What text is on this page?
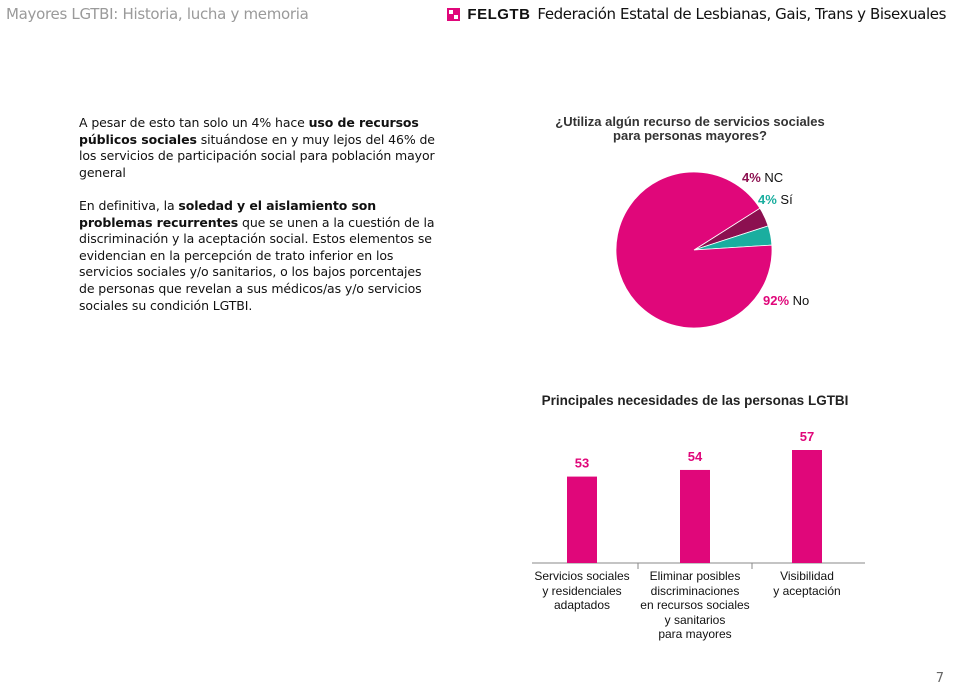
Mayores LGTBI: Historia, lucha y memoria	FELGTB Federación Estatal de Lesbianas, Gais, Trans y Bisexuales

A pesar de esto tan solo un 4% hace uso de recursos públicos sociales situándose en y muy lejos del 46% de los servicios de participación social para población mayor general

En definitiva, la soledad y el aislamiento son problemas recurrentes que se unen a la cuestión de la discriminación y la aceptación social. Estos elementos se evidencian en la percepción de trato inferior en los servicios sociales y/o sanitarios, o los bajos porcentajes de personas que revelan a sus médicos/as y/o servicios sociales su condición LGTBI.

¿Utiliza algún recurso de servicios sociales para personas mayores?
4% NC
4% Sí
92% No
Principales necesidades de las personas LGTBI
53	54
57
Servicios sociales
y residenciales
adaptados
Eliminar posibles
discriminaciones
en recursos sociales
y sanitarios
para mayores
Visibilidad
y aceptación
7
